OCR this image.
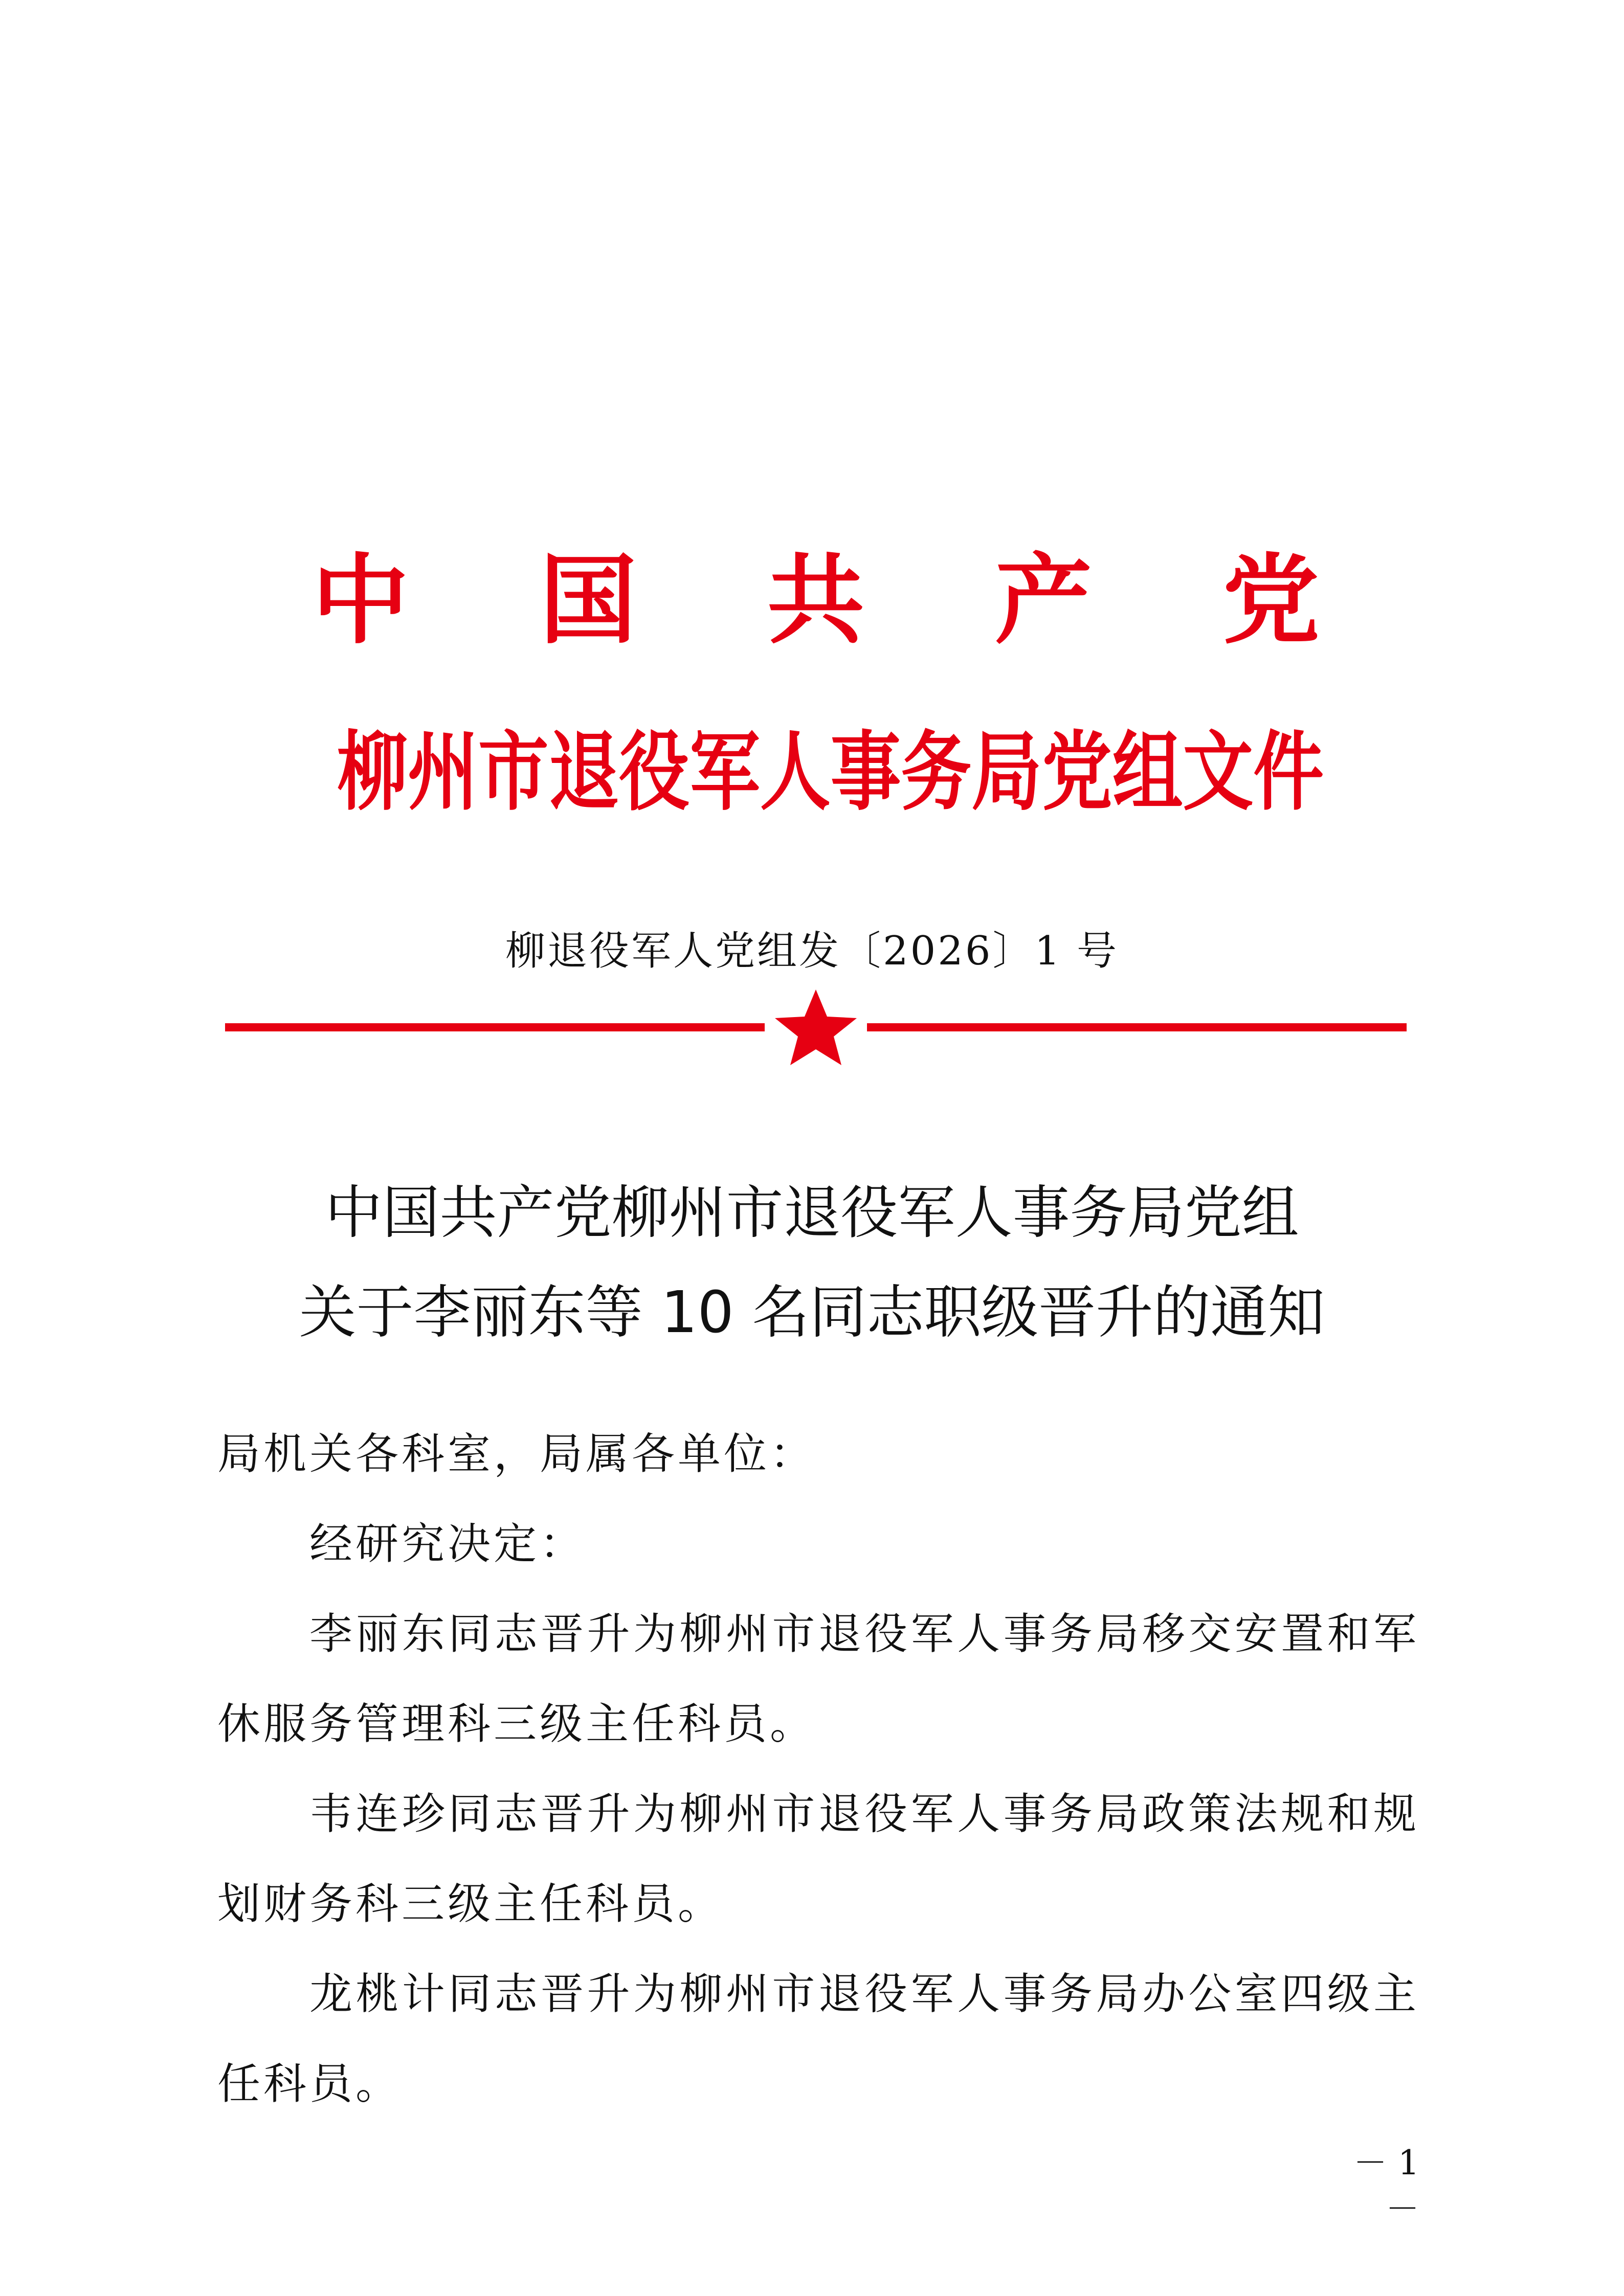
中 国 共 产 党
柳 州 市 退 役 军 人 事 务 局 党 组 文 件
柳退役军人党组发〔2026〕1 号
中国共产党柳州市退役军人事务局党组
关于李丽东等 10 名同志职级晋升的通知

局机关各科室，局属各单位：

经研究决定：

李丽东同志晋升为柳州市退役军人事务局移交安置和军休服务管理科三级主任科员。

韦连珍同志晋升为柳州市退役军人事务局政策法规和规划财务科三级主任科员。

龙桃计同志晋升为柳州市退役军人事务局办公室四级主任科员。

－ 1 －
